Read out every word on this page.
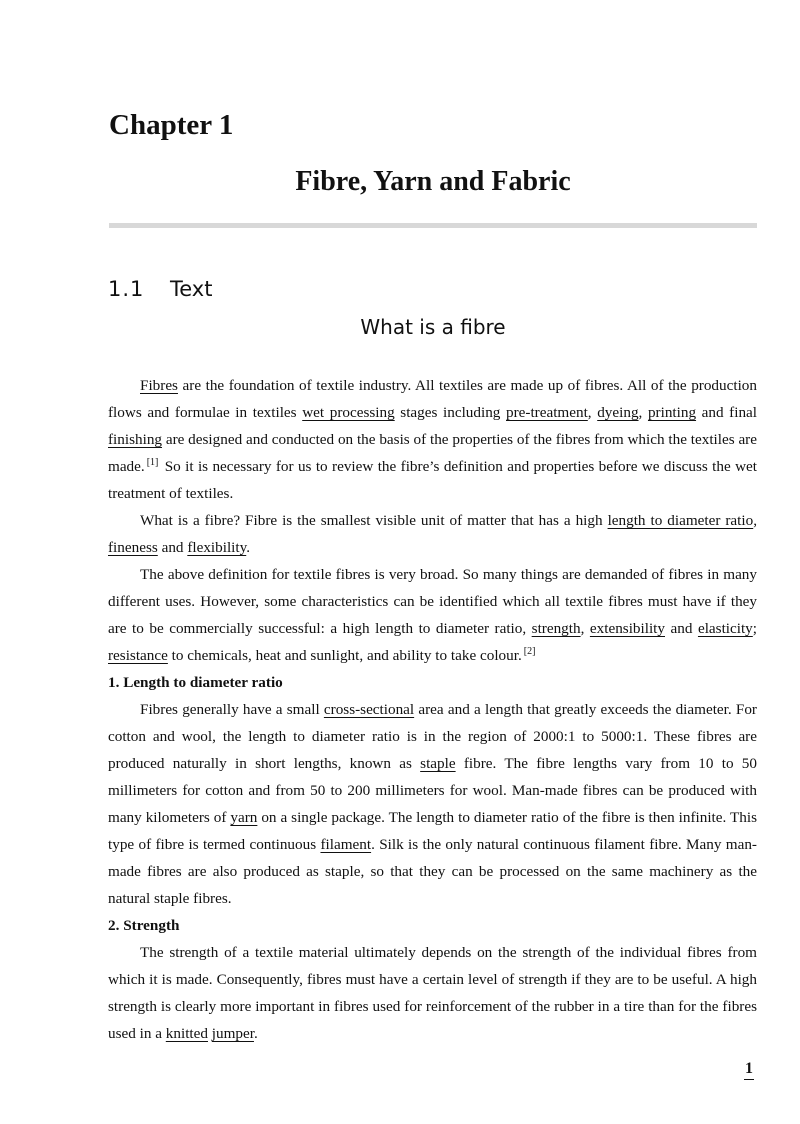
Chapter 1
Fibre, Yarn and Fabric
1.1 Text
What is a fibre

Fibres are the foundation of textile industry. All textiles are made up of fibres. All of the production flows and formulae in textiles wet processing stages including pre-treatment, dyeing, printing and final finishing are designed and conducted on the basis of the properties of the fibres from which the textiles are made. [1] So it is necessary for us to review the fibre’s definition and properties before we discuss the wet treatment of textiles.

What is a fibre? Fibre is the smallest visible unit of matter that has a high length to diameter ratio, fineness and flexibility.

The above definition for textile fibres is very broad. So many things are demanded of fibres in many different uses. However, some characteristics can be identified which all textile fibres must have if they are to be commercially successful: a high length to diameter ratio, strength, extensibility and elasticity; resistance to chemicals, heat and sunlight, and ability to take colour. [2]

1. Length to diameter ratio

Fibres generally have a small cross-sectional area and a length that greatly exceeds the diameter. For cotton and wool, the length to diameter ratio is in the region of 2000:1 to 5000:1. These fibres are produced naturally in short lengths, known as staple fibre. The fibre lengths vary from 10 to 50 millimeters for cotton and from 50 to 200 millimeters for wool. Man-made fibres can be produced with many kilometers of yarn on a single package. The length to diameter ratio of the fibre is then infinite. This type of fibre is termed continuous filament. Silk is the only natural continuous filament fibre. Many man-made fibres are also produced as staple, so that they can be processed on the same machinery as the natural staple fibres.

2. Strength

The strength of a textile material ultimately depends on the strength of the individual fibres from which it is made. Consequently, fibres must have a certain level of strength if they are to be useful. A high strength is clearly more important in fibres used for reinforcement of the rubber in a tire than for the fibres used in a knitted jumper.

1
